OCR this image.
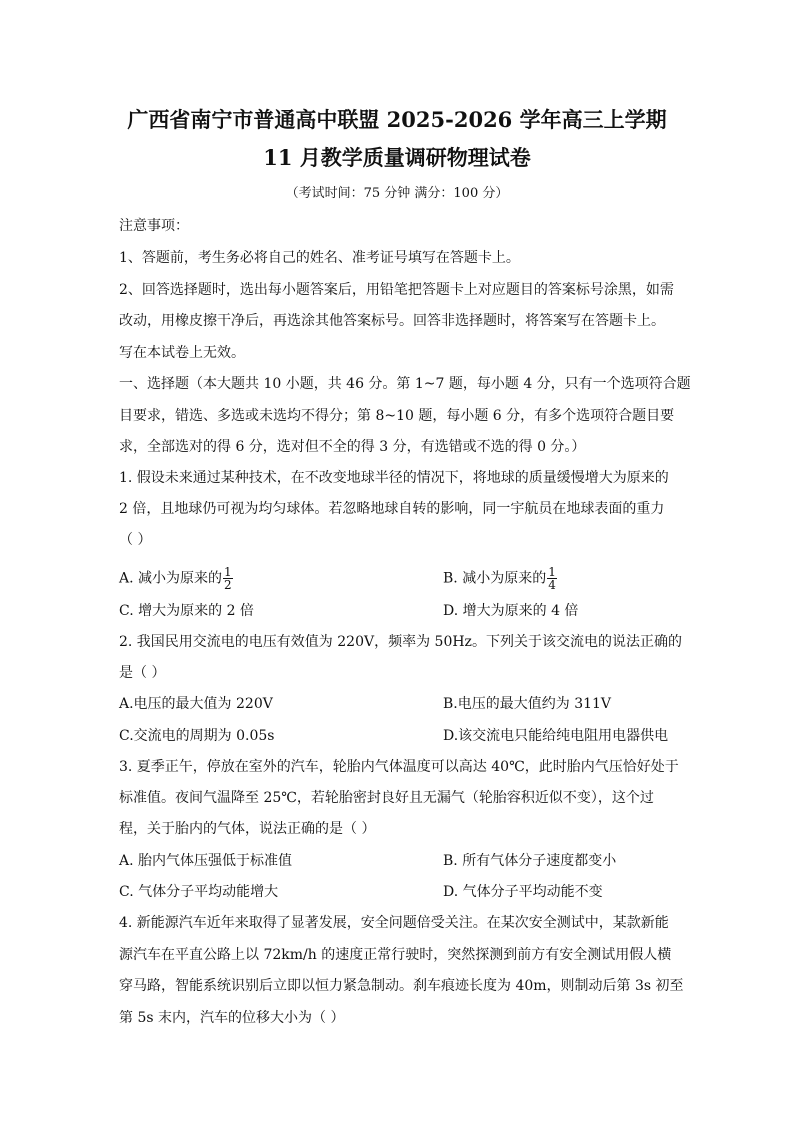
广西省南宁市普通高中联盟 2025-2026 学年高三上学期
11 月教学质量调研物理试卷
（考试时间：75 分钟 满分：100 分）
注意事项：
1、答题前，考生务必将自己的姓名、准考证号填写在答题卡上。
2、回答选择题时，选出每小题答案后，用铅笔把答题卡上对应题目的答案标号涂黑，如需
改动，用橡皮擦干净后，再选涂其他答案标号。回答非选择题时，将答案写在答题卡上。
写在本试卷上无效。
一、选择题（本大题共 10 小题，共 46 分。第 1~7 题，每小题 4 分，只有一个选项符合题
目要求，错选、多选或未选均不得分；第 8~10 题，每小题 6 分，有多个选项符合题目要
求，全部选对的得 6 分，选对但不全的得 3 分，有选错或不选的得 0 分。）
1. 假设未来通过某种技术，在不改变地球半径的情况下，将地球的质量缓慢增大为原来的
2 倍，且地球仍可视为均匀球体。若忽略地球自转的影响，同一宇航员在地球表面的重力
（ ）
A. 减小为原来的 $\frac{1}{2}$	B. 减小为原来的 $\frac{1}{4}$
C. 增大为原来的 2 倍	D. 增大为原来的 4 倍
2. 我国民用交流电的电压有效值为 220V，频率为 50Hz。下列关于该交流电的说法正确的
是（ ）
A.电压的最大值为 220V	B.电压的最大值约为 311V
C.交流电的周期为 0.05s	D.该交流电只能给纯电阻用电器供电
3. 夏季正午，停放在室外的汽车，轮胎内气体温度可以高达 40℃，此时胎内气压恰好处于
标准值。夜间气温降至 25℃，若轮胎密封良好且无漏气（轮胎容积近似不变），这个过
程，关于胎内的气体，说法正确的是（ ）
A. 胎内气体压强低于标准值	B. 所有气体分子速度都变小
C. 气体分子平均动能增大	D. 气体分子平均动能不变
4. 新能源汽车近年来取得了显著发展，安全问题倍受关注。在某次安全测试中，某款新能
源汽车在平直公路上以 72km/h 的速度正常行驶时，突然探测到前方有安全测试用假人横
穿马路，智能系统识别后立即以恒力紧急制动。刹车痕迹长度为 40m，则制动后第 3s 初至
第 5s 末内，汽车的位移大小为（ ）
